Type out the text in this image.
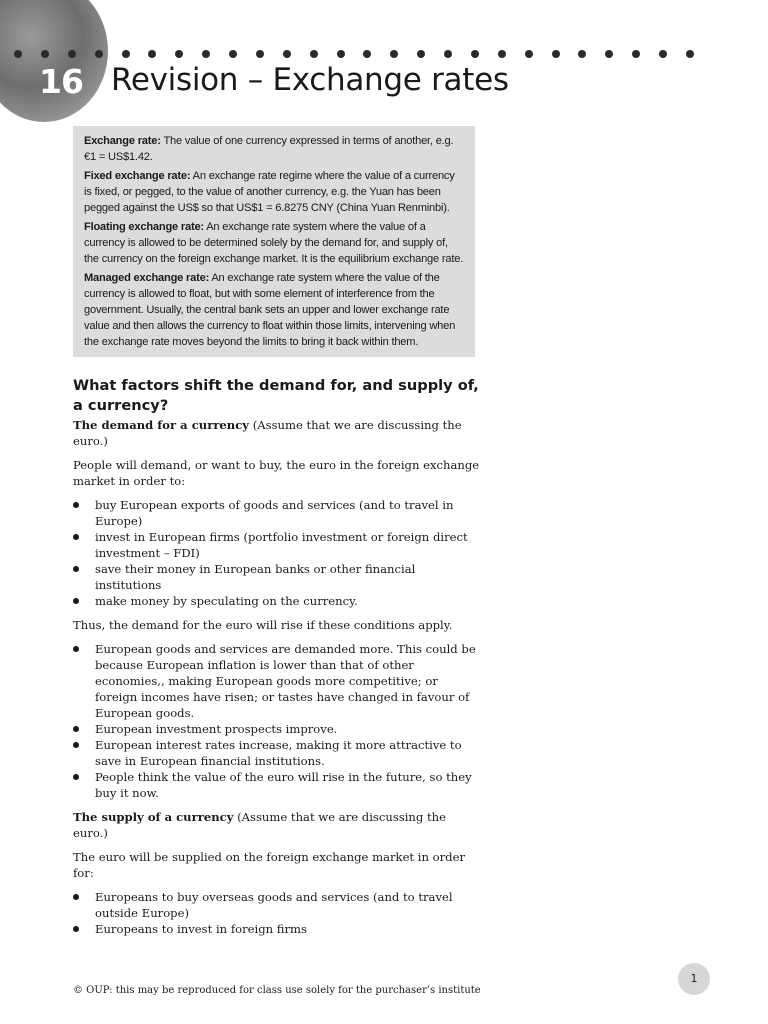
16 Revision – Exchange rates

Exchange rate: The value of one currency expressed in terms of another, e.g. €1 = US$1.42.

Fixed exchange rate: An exchange rate regime where the value of a currency is fixed, or pegged, to the value of another currency, e.g. the Yuan has been pegged against the US$ so that US$1 = 6.8275 CNY (China Yuan Renminbi).

Floating exchange rate: An exchange rate system where the value of a currency is allowed to be determined solely by the demand for, and supply of, the currency on the foreign exchange market. It is the equilibrium exchange rate.

Managed exchange rate: An exchange rate system where the value of the currency is allowed to float, but with some element of interference from the government. Usually, the central bank sets an upper and lower exchange rate value and then allows the currency to float within those limits, intervening when the exchange rate moves beyond the limits to bring it back within them.

What factors shift the demand for, and supply of, a currency?

The demand for a currency (Assume that we are discussing the euro.)

People will demand, or want to buy, the euro in the foreign exchange market in order to:

buy European exports of goods and services (and to travel in Europe)
invest in European firms (portfolio investment or foreign direct investment – FDI)
save their money in European banks or other financial institutions
make money by speculating on the currency.

Thus, the demand for the euro will rise if these conditions apply.

European goods and services are demanded more. This could be because European inflation is lower than that of other economies,, making European goods more competitive; or foreign incomes have risen; or tastes have changed in favour of European goods.
European investment prospects improve.
European interest rates increase, making it more attractive to save in European financial institutions.
People think the value of the euro will rise in the future, so they buy it now.

The supply of a currency (Assume that we are discussing the euro.)

The euro will be supplied on the foreign exchange market in order for:

Europeans to buy overseas goods and services (and to travel outside Europe)
Europeans to invest in foreign firms
1
© OUP: this may be reproduced for class use solely for the purchaser’s institute
